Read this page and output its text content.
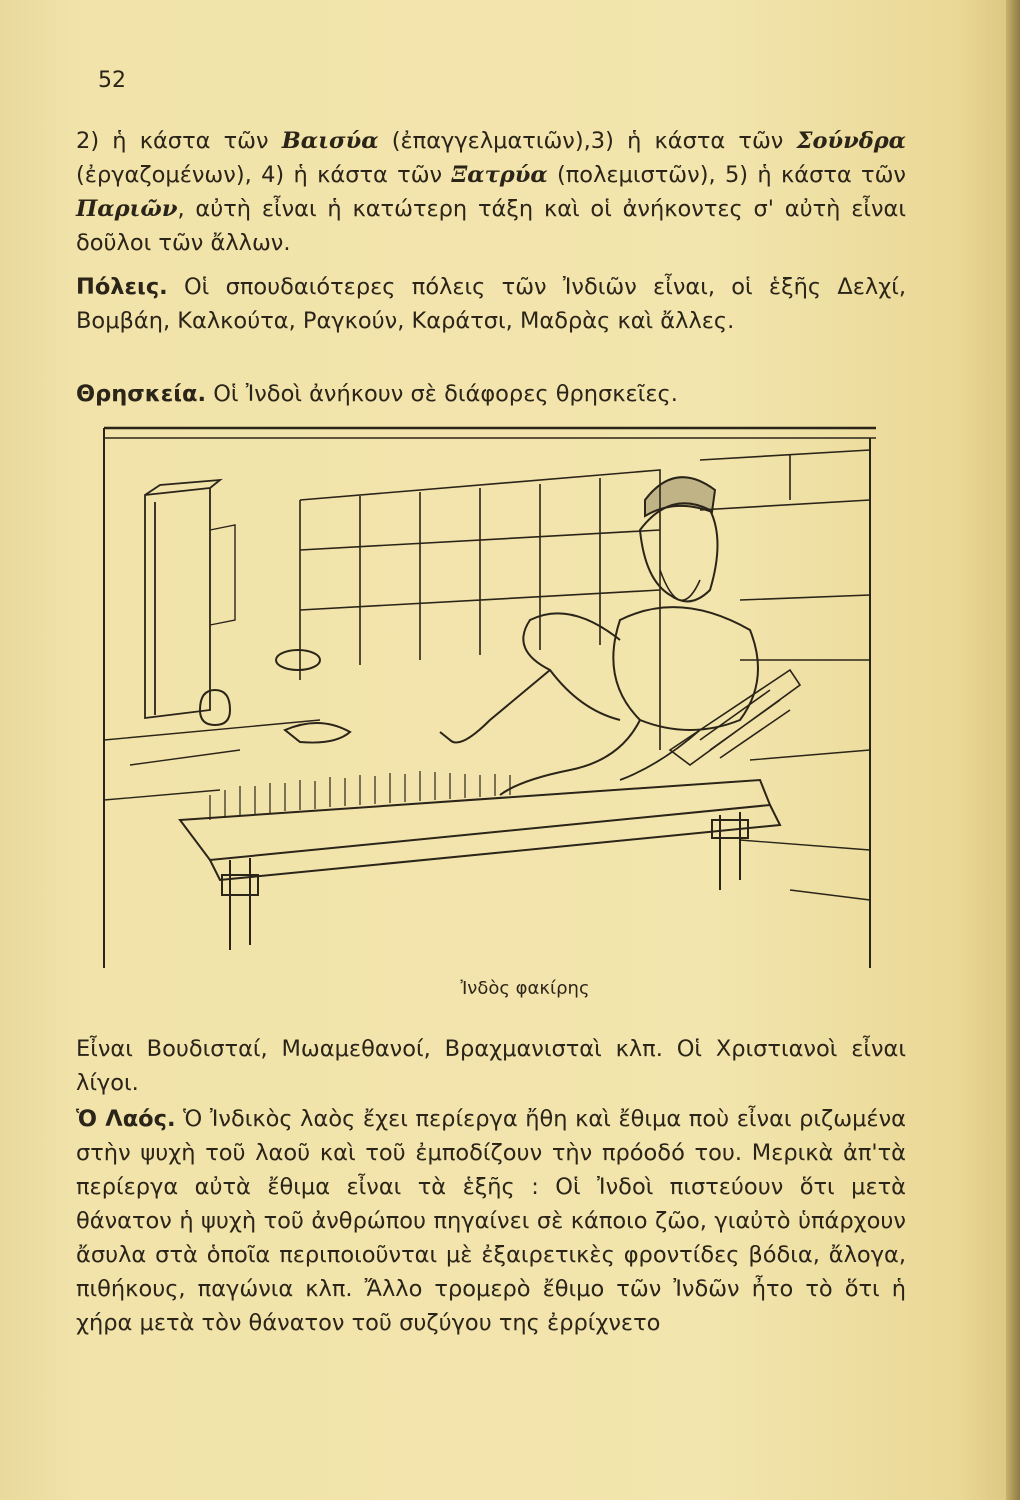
52

2) ἡ κάστα τῶν Βαισύα (ἐπαγγελματιῶν),3) ἡ κάστα τῶν Σούνδρα (ἐργαζομένων), 4) ἡ κάστα τῶν Ξατρύα (πολεμιστῶν), 5) ἡ κάστα τῶν Παριῶν, αὐτὴ εἶναι ἡ κατώτερη τάξη καὶ οἱ ἀνήκοντες σ' αὐτὴ εἶναι δοῦλοι τῶν ἄλλων.

Πόλεις. Οἱ σπουδαιότερες πόλεις τῶν Ἰνδιῶν εἶναι, οἱ ἑξῆς Δελχί, Βομβάη, Καλκούτα, Ραγκούν, Καράτσι, Μαδρὰς καὶ ἄλλες.

Θρησκεία. Οἱ Ἰνδοὶ ἀνήκουν σὲ διάφορες θρησκεῖες.

Ἰνδὸς φακίρης

Εἶναι Βουδισταί, Μωαμεθανοί, Βραχμανισταὶ κλπ. Οἱ Χριστιανοὶ εἶναι λίγοι.

Ὁ Λαός. Ὁ Ἰνδικὸς λαὸς ἔχει περίεργα ἤθη καὶ ἔθιμα ποὺ εἶναι ριζωμένα στὴν ψυχὴ τοῦ λαοῦ καὶ τοῦ ἐμποδίζουν τὴν πρόοδό του. Μερικὰ ἀπ'τὰ περίεργα αὐτὰ ἔθιμα εἶναι τὰ ἑξῆς : Οἱ Ἰνδοὶ πιστεύουν ὅτι μετὰ θάνατον ἡ ψυχὴ τοῦ ἀνθρώπου πηγαίνει σὲ κάποιο ζῶο, γιαὐτὸ ὑπάρχουν ἄσυλα στὰ ὁποῖα περιποιοῦνται μὲ ἐξαιρετικὲς φροντίδες βόδια, ἄλογα, πιθήκους, παγώνια κλπ. Ἄλλο τρομερὸ ἔθιμο τῶν Ἰνδῶν ἦτο τὸ ὅτι ἡ χήρα μετὰ τὸν θάνατον τοῦ συζύγου της ἐρρίχνετο
